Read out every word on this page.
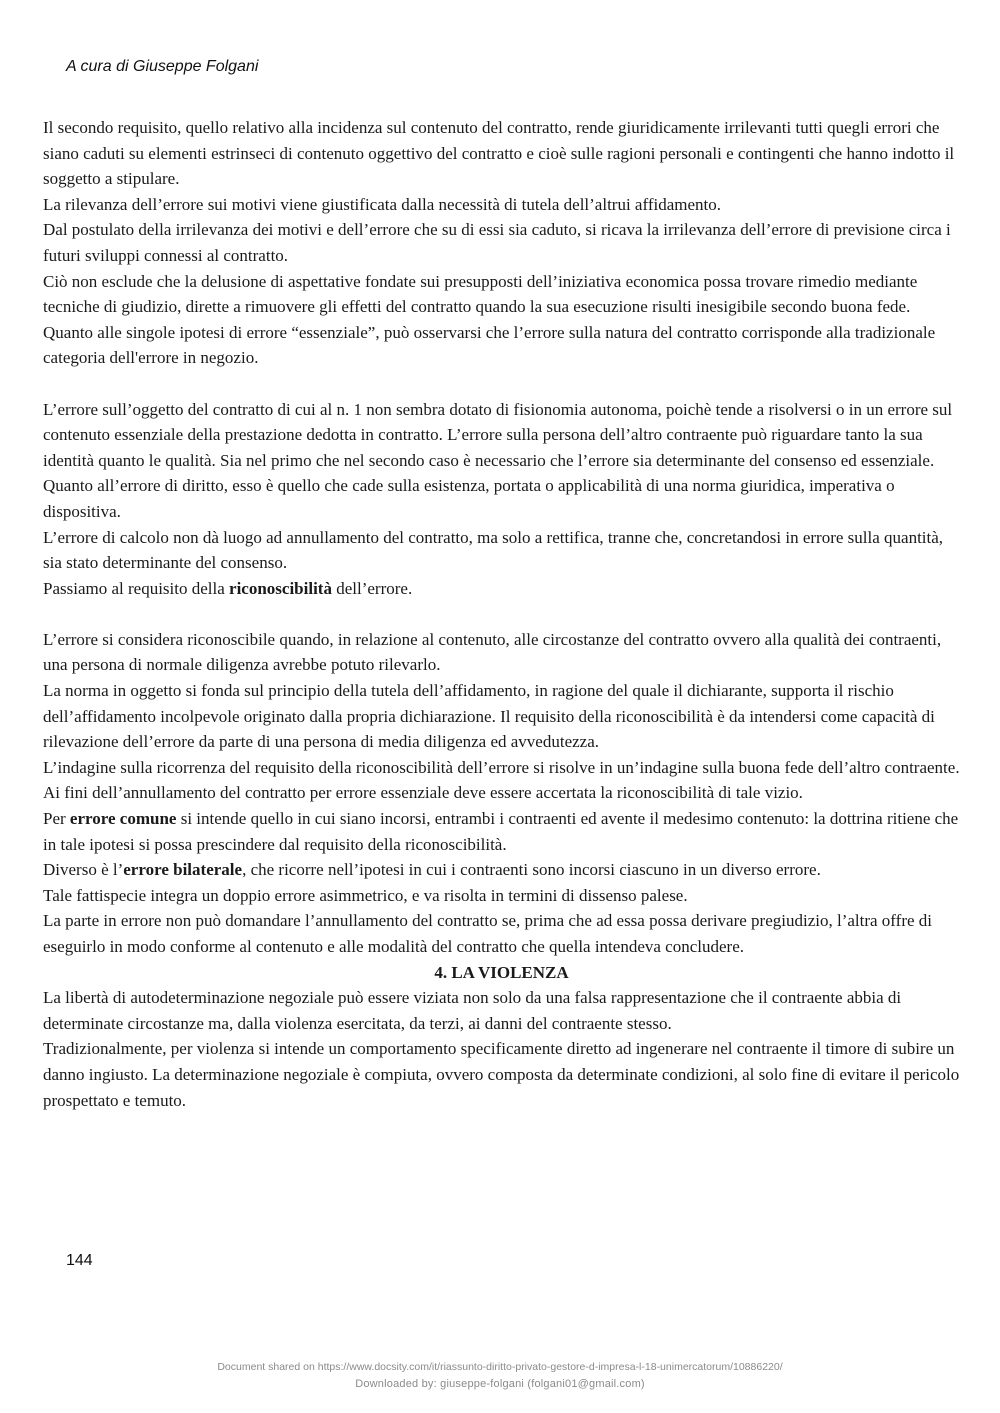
A cura di Giuseppe Folgani

Il secondo requisito, quello relativo alla incidenza sul contenuto del contratto, rende giuridicamente irrilevanti tutti quegli errori che siano caduti su elementi estrinseci di contenuto oggettivo del contratto e cioè sulle ragioni personali e contingenti che hanno indotto il soggetto a stipulare.

La rilevanza dell’errore sui motivi viene giustificata dalla necessità di tutela dell’altrui affidamento.

Dal postulato della irrilevanza dei motivi e dell’errore che su di essi sia caduto, si ricava la irrilevanza dell’errore di previsione circa i futuri sviluppi connessi al contratto.

Ciò non esclude che la delusione di aspettative fondate sui presupposti dell’iniziativa economica possa trovare rimedio mediante tecniche di giudizio, dirette a rimuovere gli effetti del contratto quando la sua esecuzione risulti inesigibile secondo buona fede.

Quanto alle singole ipotesi di errore “essenziale”, può osservarsi che l’errore sulla natura del contratto corrisponde alla tradizionale categoria dell'errore in negozio.

L’errore sull’oggetto del contratto di cui al n. 1 non sembra dotato di fisionomia autonoma, poichè tende a risolversi o in un errore sul contenuto essenziale della prestazione dedotta in contratto. L’errore sulla persona dell’altro contraente può riguardare tanto la sua identità quanto le qualità. Sia nel primo che nel secondo caso è necessario che l’errore sia determinante del consenso ed essenziale.

Quanto all’errore di diritto, esso è quello che cade sulla esistenza, portata o applicabilità di una norma giuridica, imperativa o dispositiva.

L’errore di calcolo non dà luogo ad annullamento del contratto, ma solo a rettifica, tranne che, concretandosi in errore sulla quantità, sia stato determinante del consenso.

Passiamo al requisito della riconoscibilità dell’errore.

L’errore si considera riconoscibile quando, in relazione al contenuto, alle circostanze del contratto ovvero alla qualità dei contraenti, una persona di normale diligenza avrebbe potuto rilevarlo.

La norma in oggetto si fonda sul principio della tutela dell’affidamento, in ragione del quale il dichiarante, supporta il rischio dell’affidamento incolpevole originato dalla propria dichiarazione. Il requisito della riconoscibilità è da intendersi come capacità di rilevazione dell’errore da parte di una persona di media diligenza ed avvedutezza.

L’indagine sulla ricorrenza del requisito della riconoscibilità dell’errore si risolve in un’indagine sulla buona fede dell’altro contraente. Ai fini dell’annullamento del contratto per errore essenziale deve essere accertata la riconoscibilità di tale vizio.

Per errore comune si intende quello in cui siano incorsi, entrambi i contraenti ed avente il medesimo contenuto: la dottrina ritiene che in tale ipotesi si possa prescindere dal requisito della riconoscibilità.

Diverso è l’errore bilaterale, che ricorre nell’ipotesi in cui i contraenti sono incorsi ciascuno in un diverso errore.

Tale fattispecie integra un doppio errore asimmetrico, e va risolta in termini di dissenso palese.

La parte in errore non può domandare l’annullamento del contratto se, prima che ad essa possa derivare pregiudizio, l’altra offre di eseguirlo in modo conforme al contenuto e alle modalità del contratto che quella intendeva concludere.

4. LA VIOLENZA

La libertà di autodeterminazione negoziale può essere viziata non solo da una falsa rappresentazione che il contraente abbia di determinate circostanze ma, dalla violenza esercitata, da terzi, ai danni del contraente stesso.

Tradizionalmente, per violenza si intende un comportamento specificamente diretto ad ingenerare nel contraente il timore di subire un danno ingiusto. La determinazione negoziale è compiuta, ovvero composta da determinate condizioni, al solo fine di evitare il pericolo prospettato e temuto.

144
Document shared on https://www.docsity.com/it/riassunto-diritto-privato-gestore-d-impresa-l-18-unimercatorum/10886220/
Downloaded by: giuseppe-folgani (folgani01@gmail.com)
